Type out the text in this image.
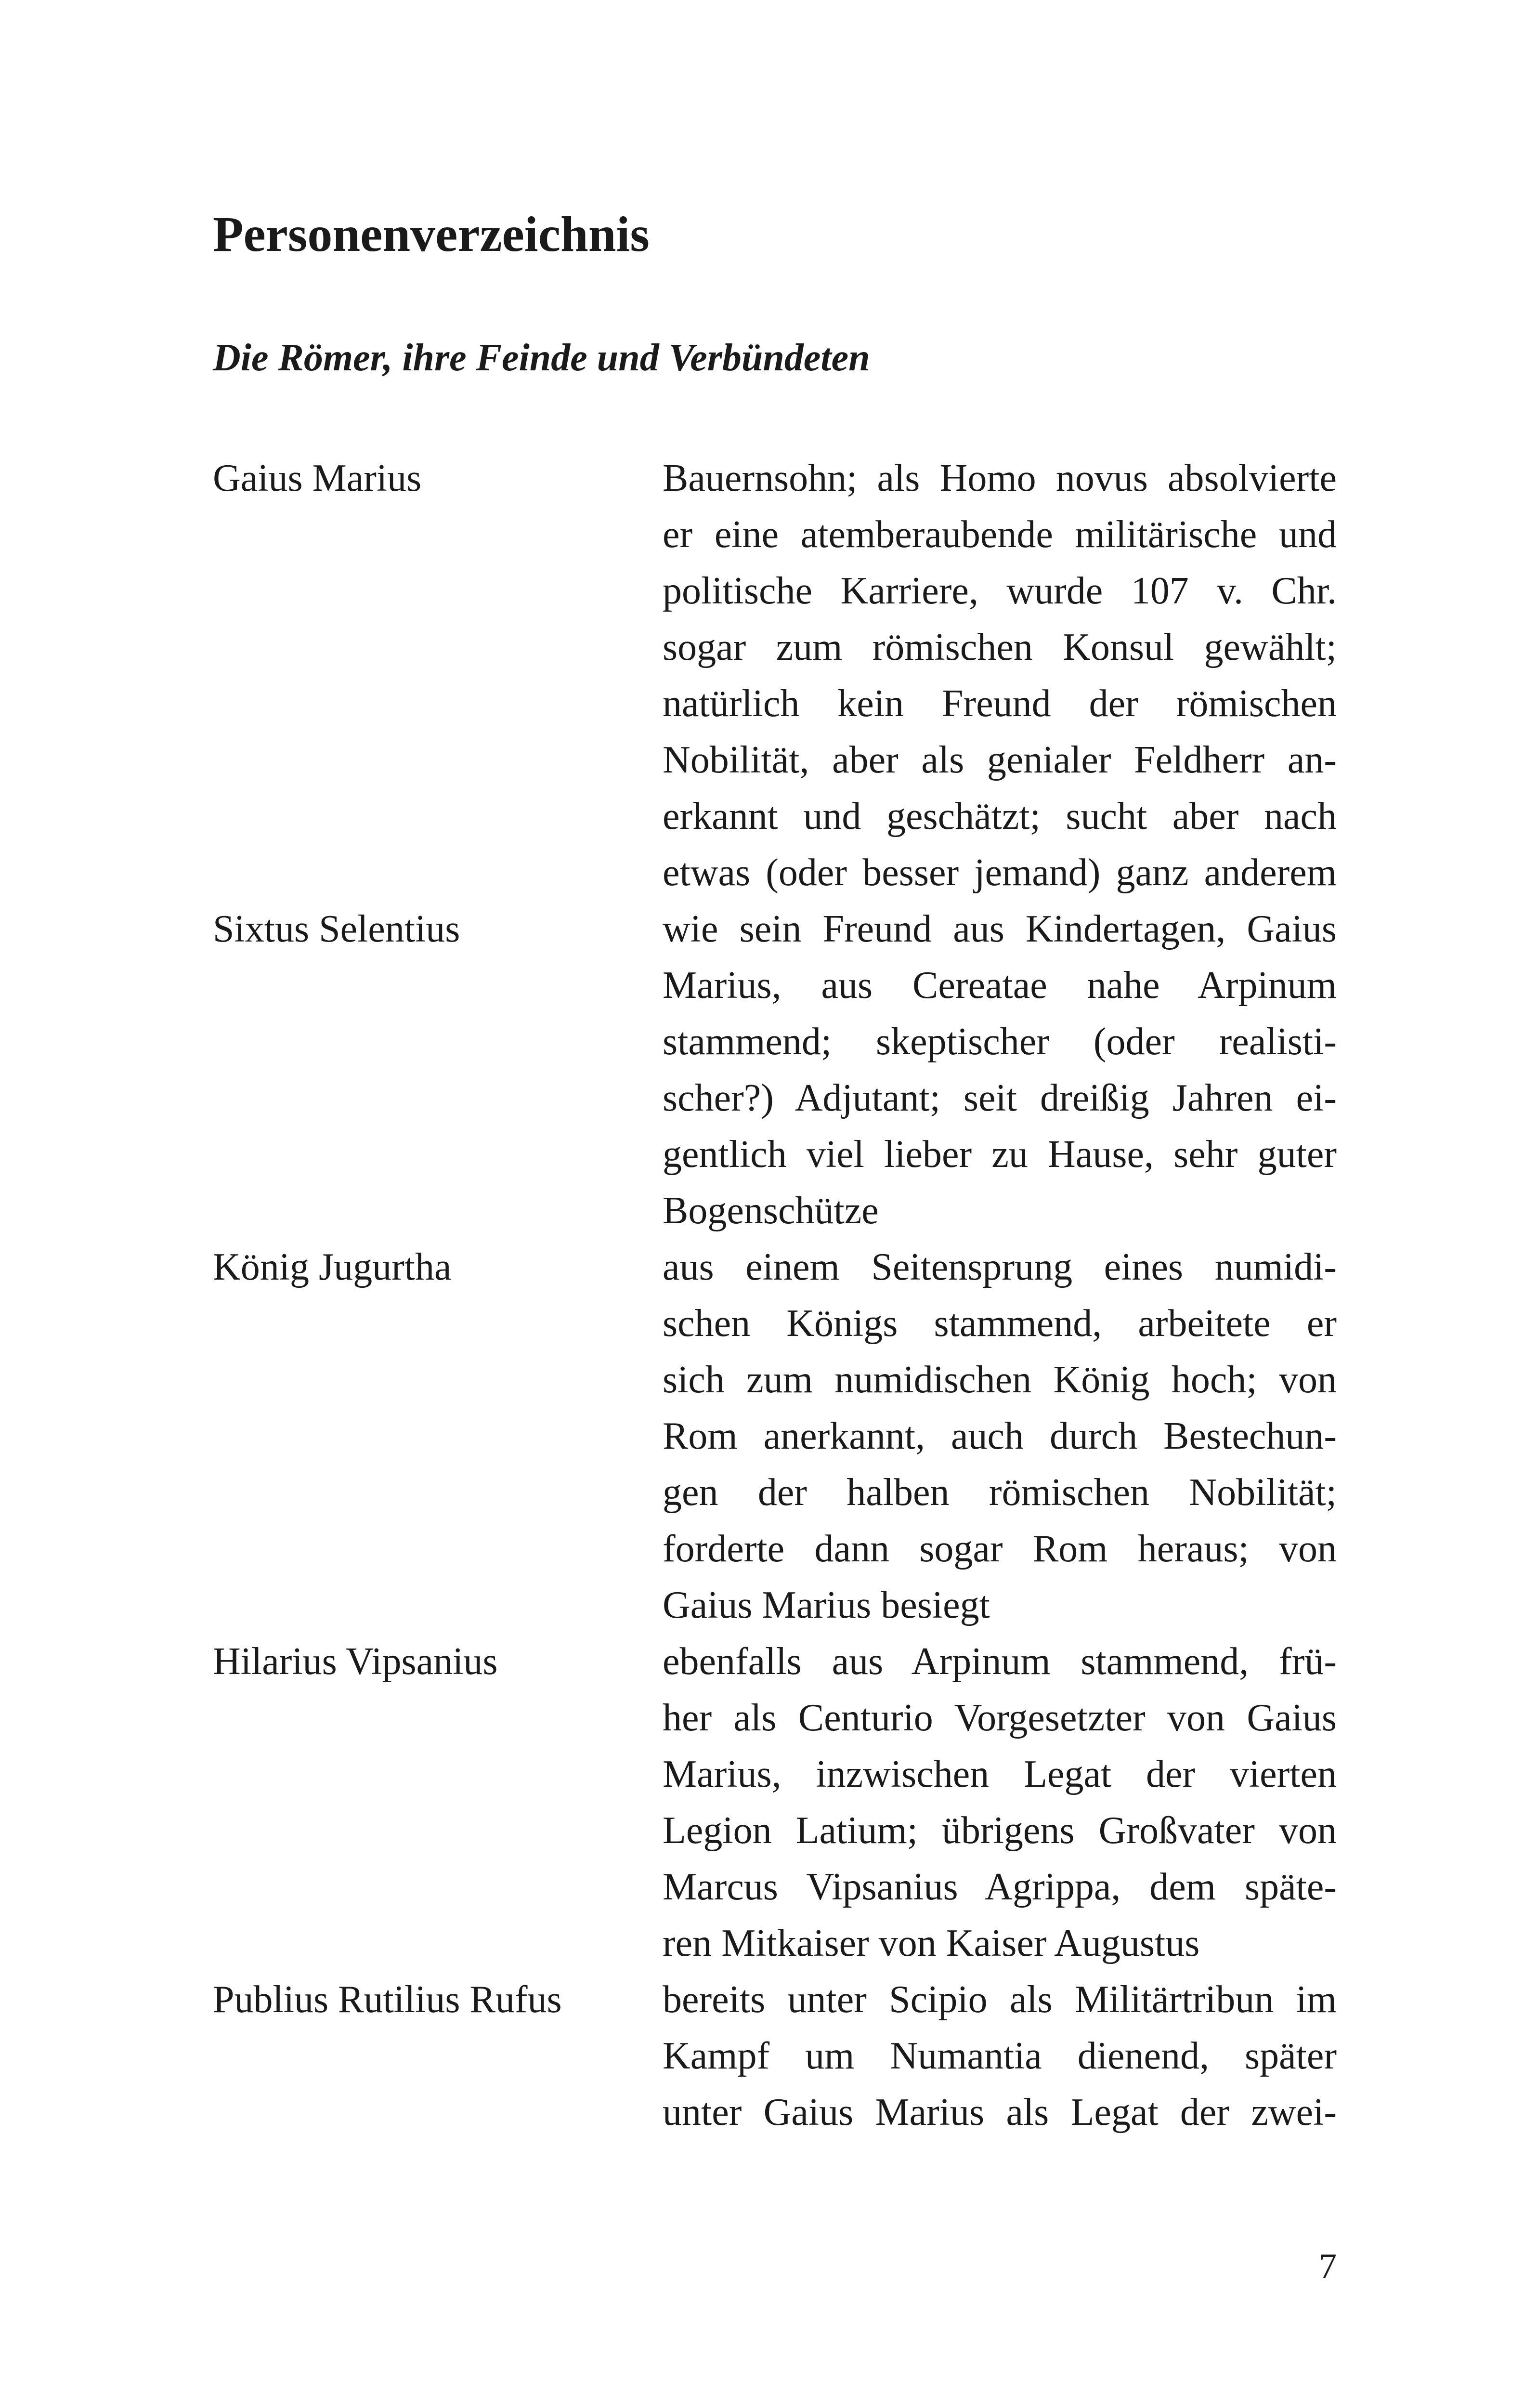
Personenverzeichnis
Die Römer, ihre Feinde und Verbündeten
Gaius Marius	Bauernsohn; als Homo novus absolvierte
er eine atemberaubende militärische und
politische Karriere, wurde 107 v. Chr.
sogar zum römischen Konsul gewählt;
natürlich kein Freund der römischen
Nobilität, aber als genialer Feldherr an-
erkannt und geschätzt; sucht aber nach
etwas (oder besser jemand) ganz anderem
Sixtus Selentius	wie sein Freund aus Kindertagen, Gaius
Marius, aus Cereatae nahe Arpinum
stammend; skeptischer (oder realisti-
scher?) Adjutant; seit dreißig Jahren ei-
gentlich viel lieber zu Hause, sehr guter
Bogenschütze
König Jugurtha	aus einem Seitensprung eines numidi-
schen Königs stammend, arbeitete er
sich zum numidischen König hoch; von
Rom anerkannt, auch durch Bestechun-
gen der halben römischen Nobilität;
forderte dann sogar Rom heraus; von
Gaius Marius besiegt
Hilarius Vipsanius	ebenfalls aus Arpinum stammend, frü-
her als Centurio Vorgesetzter von Gaius
Marius, inzwischen Legat der vierten
Legion Latium; übrigens Großvater von
Marcus Vipsanius Agrippa, dem späte-
ren Mitkaiser von Kaiser Augustus
Publius Rutilius Rufus	bereits unter Scipio als Militärtribun im
Kampf um Numantia dienend, später
unter Gaius Marius als Legat der zwei-
7
